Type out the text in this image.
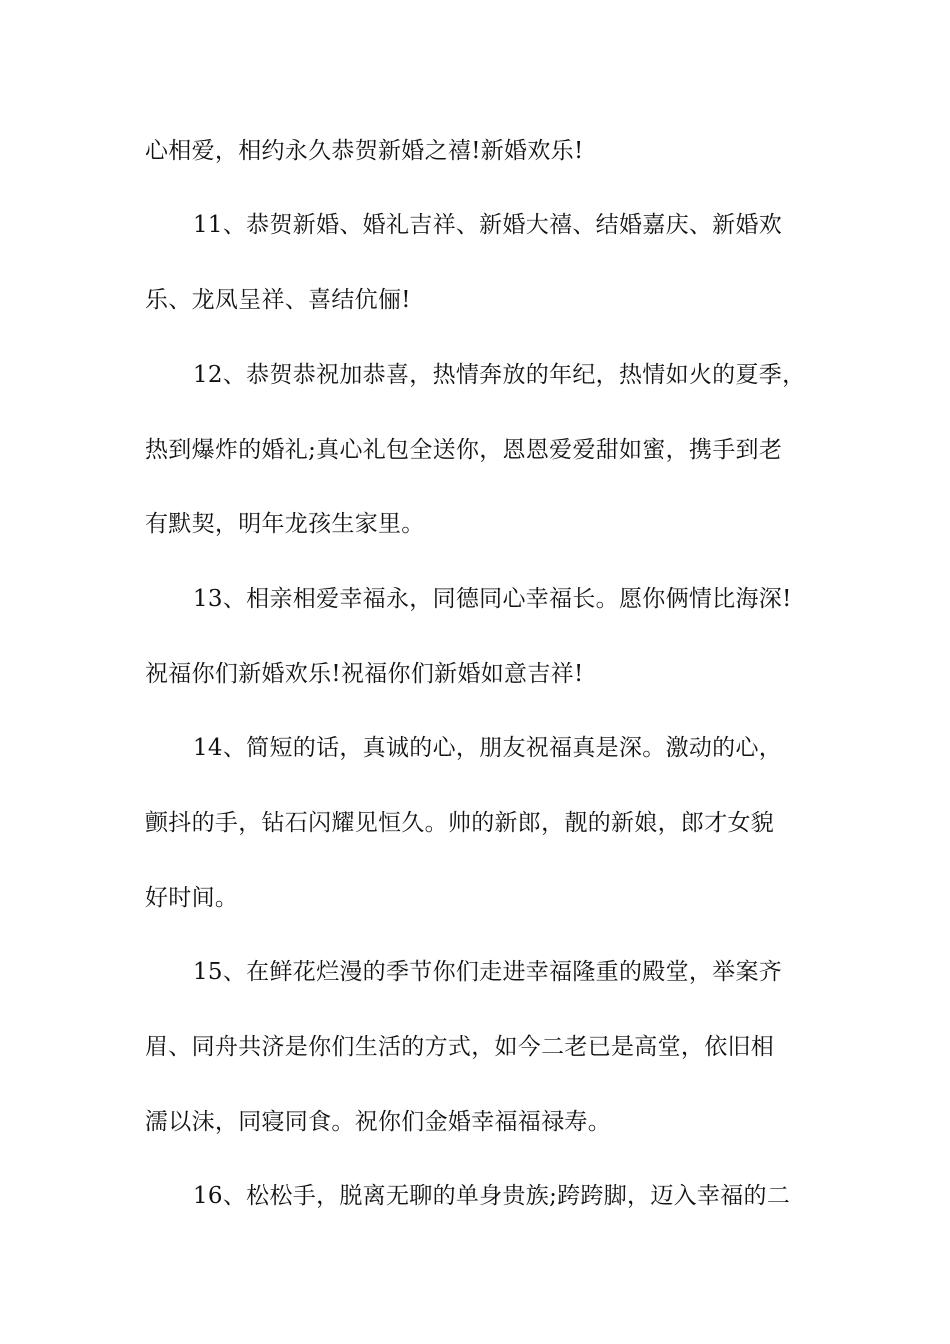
心相爱，相约永久恭贺新婚之禧!新婚欢乐!
11、恭贺新婚、婚礼吉祥、新婚大禧、结婚嘉庆、新婚欢
乐、龙凤呈祥、喜结伉俪!
12、恭贺恭祝加恭喜，热情奔放的年纪，热情如火的夏季，
热到爆炸的婚礼;真心礼包全送你，恩恩爱爱甜如蜜，携手到老
有默契，明年龙孩生家里。
13、相亲相爱幸福永，同德同心幸福长。愿你俩情比海深!
祝福你们新婚欢乐!祝福你们新婚如意吉祥!
14、简短的话，真诚的心，朋友祝福真是深。激动的心，
颤抖的手，钻石闪耀见恒久。帅的新郎，靓的新娘，郎才女貌
好时间。
15、在鲜花烂漫的季节你们走进幸福隆重的殿堂，举案齐
眉、同舟共济是你们生活的方式，如今二老已是高堂，依旧相
濡以沫，同寝同食。祝你们金婚幸福福禄寿。
16、松松手，脱离无聊的单身贵族;跨跨脚，迈入幸福的二
